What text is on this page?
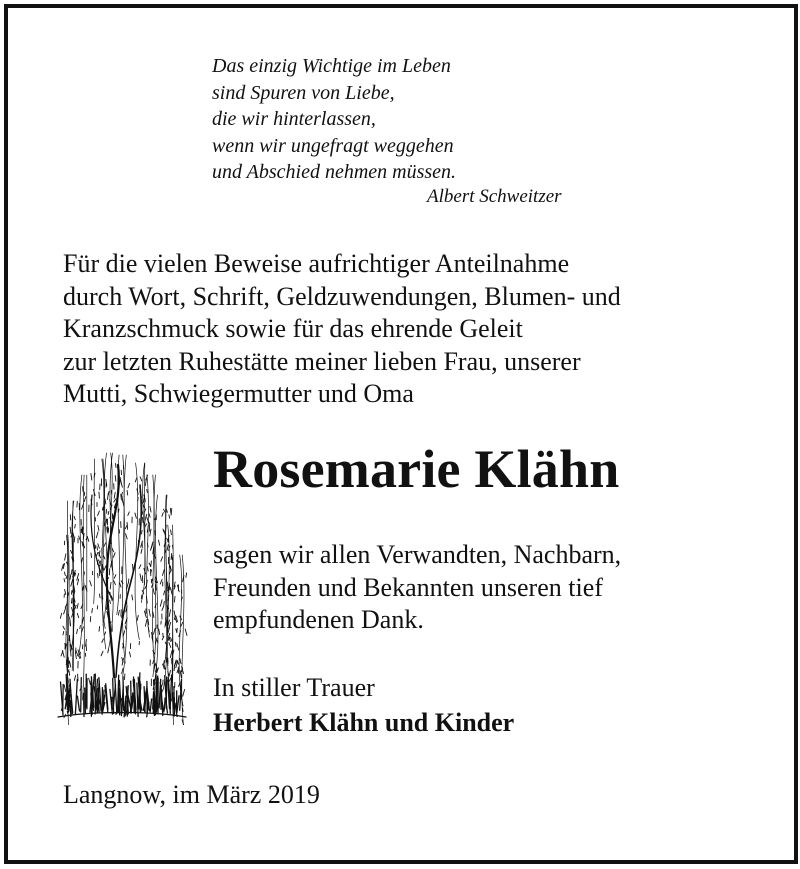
Das einzig Wichtige im Leben
sind Spuren von Liebe,
die wir hinterlassen,
wenn wir ungefragt weggehen
und Abschied nehmen müssen.
Albert Schweitzer
Für die vielen Beweise aufrichtiger Anteilnahme
durch Wort, Schrift, Geldzuwendungen, Blumen- und
Kranzschmuck sowie für das ehrende Geleit
zur letzten Ruhestätte meiner lieben Frau, unserer
Mutti, Schwiegermutter und Oma
Rosemarie Klähn
sagen wir allen Verwandten, Nachbarn,
Freunden und Bekannten unseren tief
empfundenen Dank.
In stiller Trauer
Herbert Klähn und Kinder
Langnow, im März 2019
